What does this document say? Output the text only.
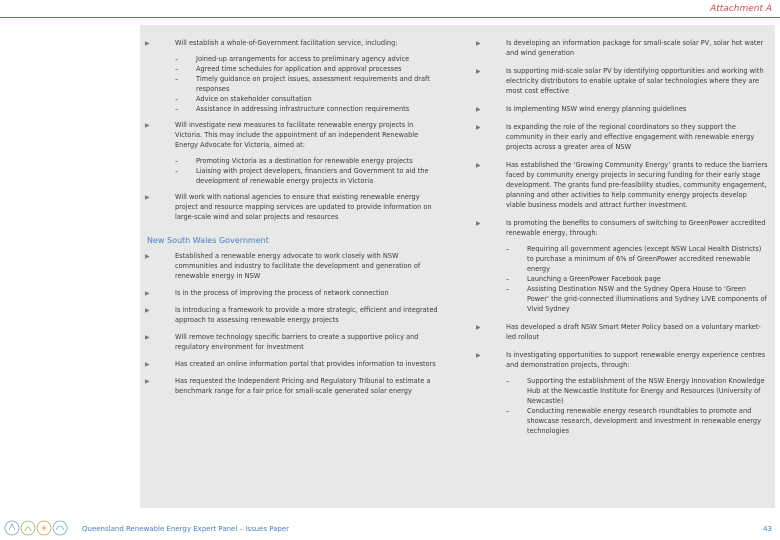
Attachment A
▶	Will establish a whole-of-Government facilitation service, including:
–	Joined-up arrangements for access to preliminary agency advice
–	Agreed time schedules for application and approval processes
–	Timely guidance on project issues, assessment requirements and draft responses
–	Advice on stakeholder consultation
–	Assistance in addressing infrastructure connection requirements
▶	Will investigate new measures to facilitate renewable energy projects in Victoria. This may include the appointment of an independent Renewable Energy Advocate for Victoria, aimed at:
–	Promoting Victoria as a destination for renewable energy projects
–	Liaising with project developers, financiers and Government to aid the development of renewable energy projects in Victoria
▶	Will work with national agencies to ensure that existing renewable energy project and resource mapping services are updated to provide information on large-scale wind and solar projects and resources
New South Wales Government
▶	Established a renewable energy advocate to work closely with NSW communities and industry to facilitate the development and generation of renewable energy in NSW
▶	Is in the process of improving the process of network connection
▶	Is introducing a framework to provide a more strategic, efficient and integrated approach to assessing renewable energy projects
▶	Will remove technology specific barriers to create a supportive policy and regulatory environment for investment
▶	Has created an online information portal that provides information to investors
▶	Has requested the Independent Pricing and Regulatory Tribunal to estimate a benchmark range for a fair price for small-scale generated solar energy
▶	Is developing an information package for small-scale solar PV, solar hot water and wind generation
▶	Is supporting mid-scale solar PV by identifying opportunities and working with electricity distributors to enable uptake of solar technologies where they are most cost effective
▶	Is implementing NSW wind energy planning guidelines
▶	Is expanding the role of the regional coordinators so they support the community in their early and effective engagement with renewable energy projects across a greater area of NSW
▶	Has established the ‘Growing Community Energy’ grants to reduce the barriers faced by community energy projects in securing funding for their early stage development. The grants fund pre-feasibility studies, community engagement, planning and other activities to help community energy projects develop viable business models and attract further investment.
▶	Is promoting the benefits to consumers of switching to GreenPower accredited renewable energy, through:
–	Requiring all government agencies (except NSW Local Health Districts) to purchase a minimum of 6% of GreenPower accredited renewable energy
–	Launching a GreenPower Facebook page
–	Assisting Destination NSW and the Sydney Opera House to ‘Green Power’ the grid-connected illuminations and Sydney LIVE components of Vivid Sydney
▶	Has developed a draft NSW Smart Meter Policy based on a voluntary market-led rollout
▶	Is investigating opportunities to support renewable energy experience centres and demonstration projects, through:
–	Supporting the establishment of the NSW Energy Innovation Knowledge Hub at the Newcastle Institute for Energy and Resources (University of Newcastle)
–	Conducting renewable energy research roundtables to promote and showcase research, development and investment in renewable energy technologies
Queensland Renewable Energy Expert Panel – Issues Paper	43
